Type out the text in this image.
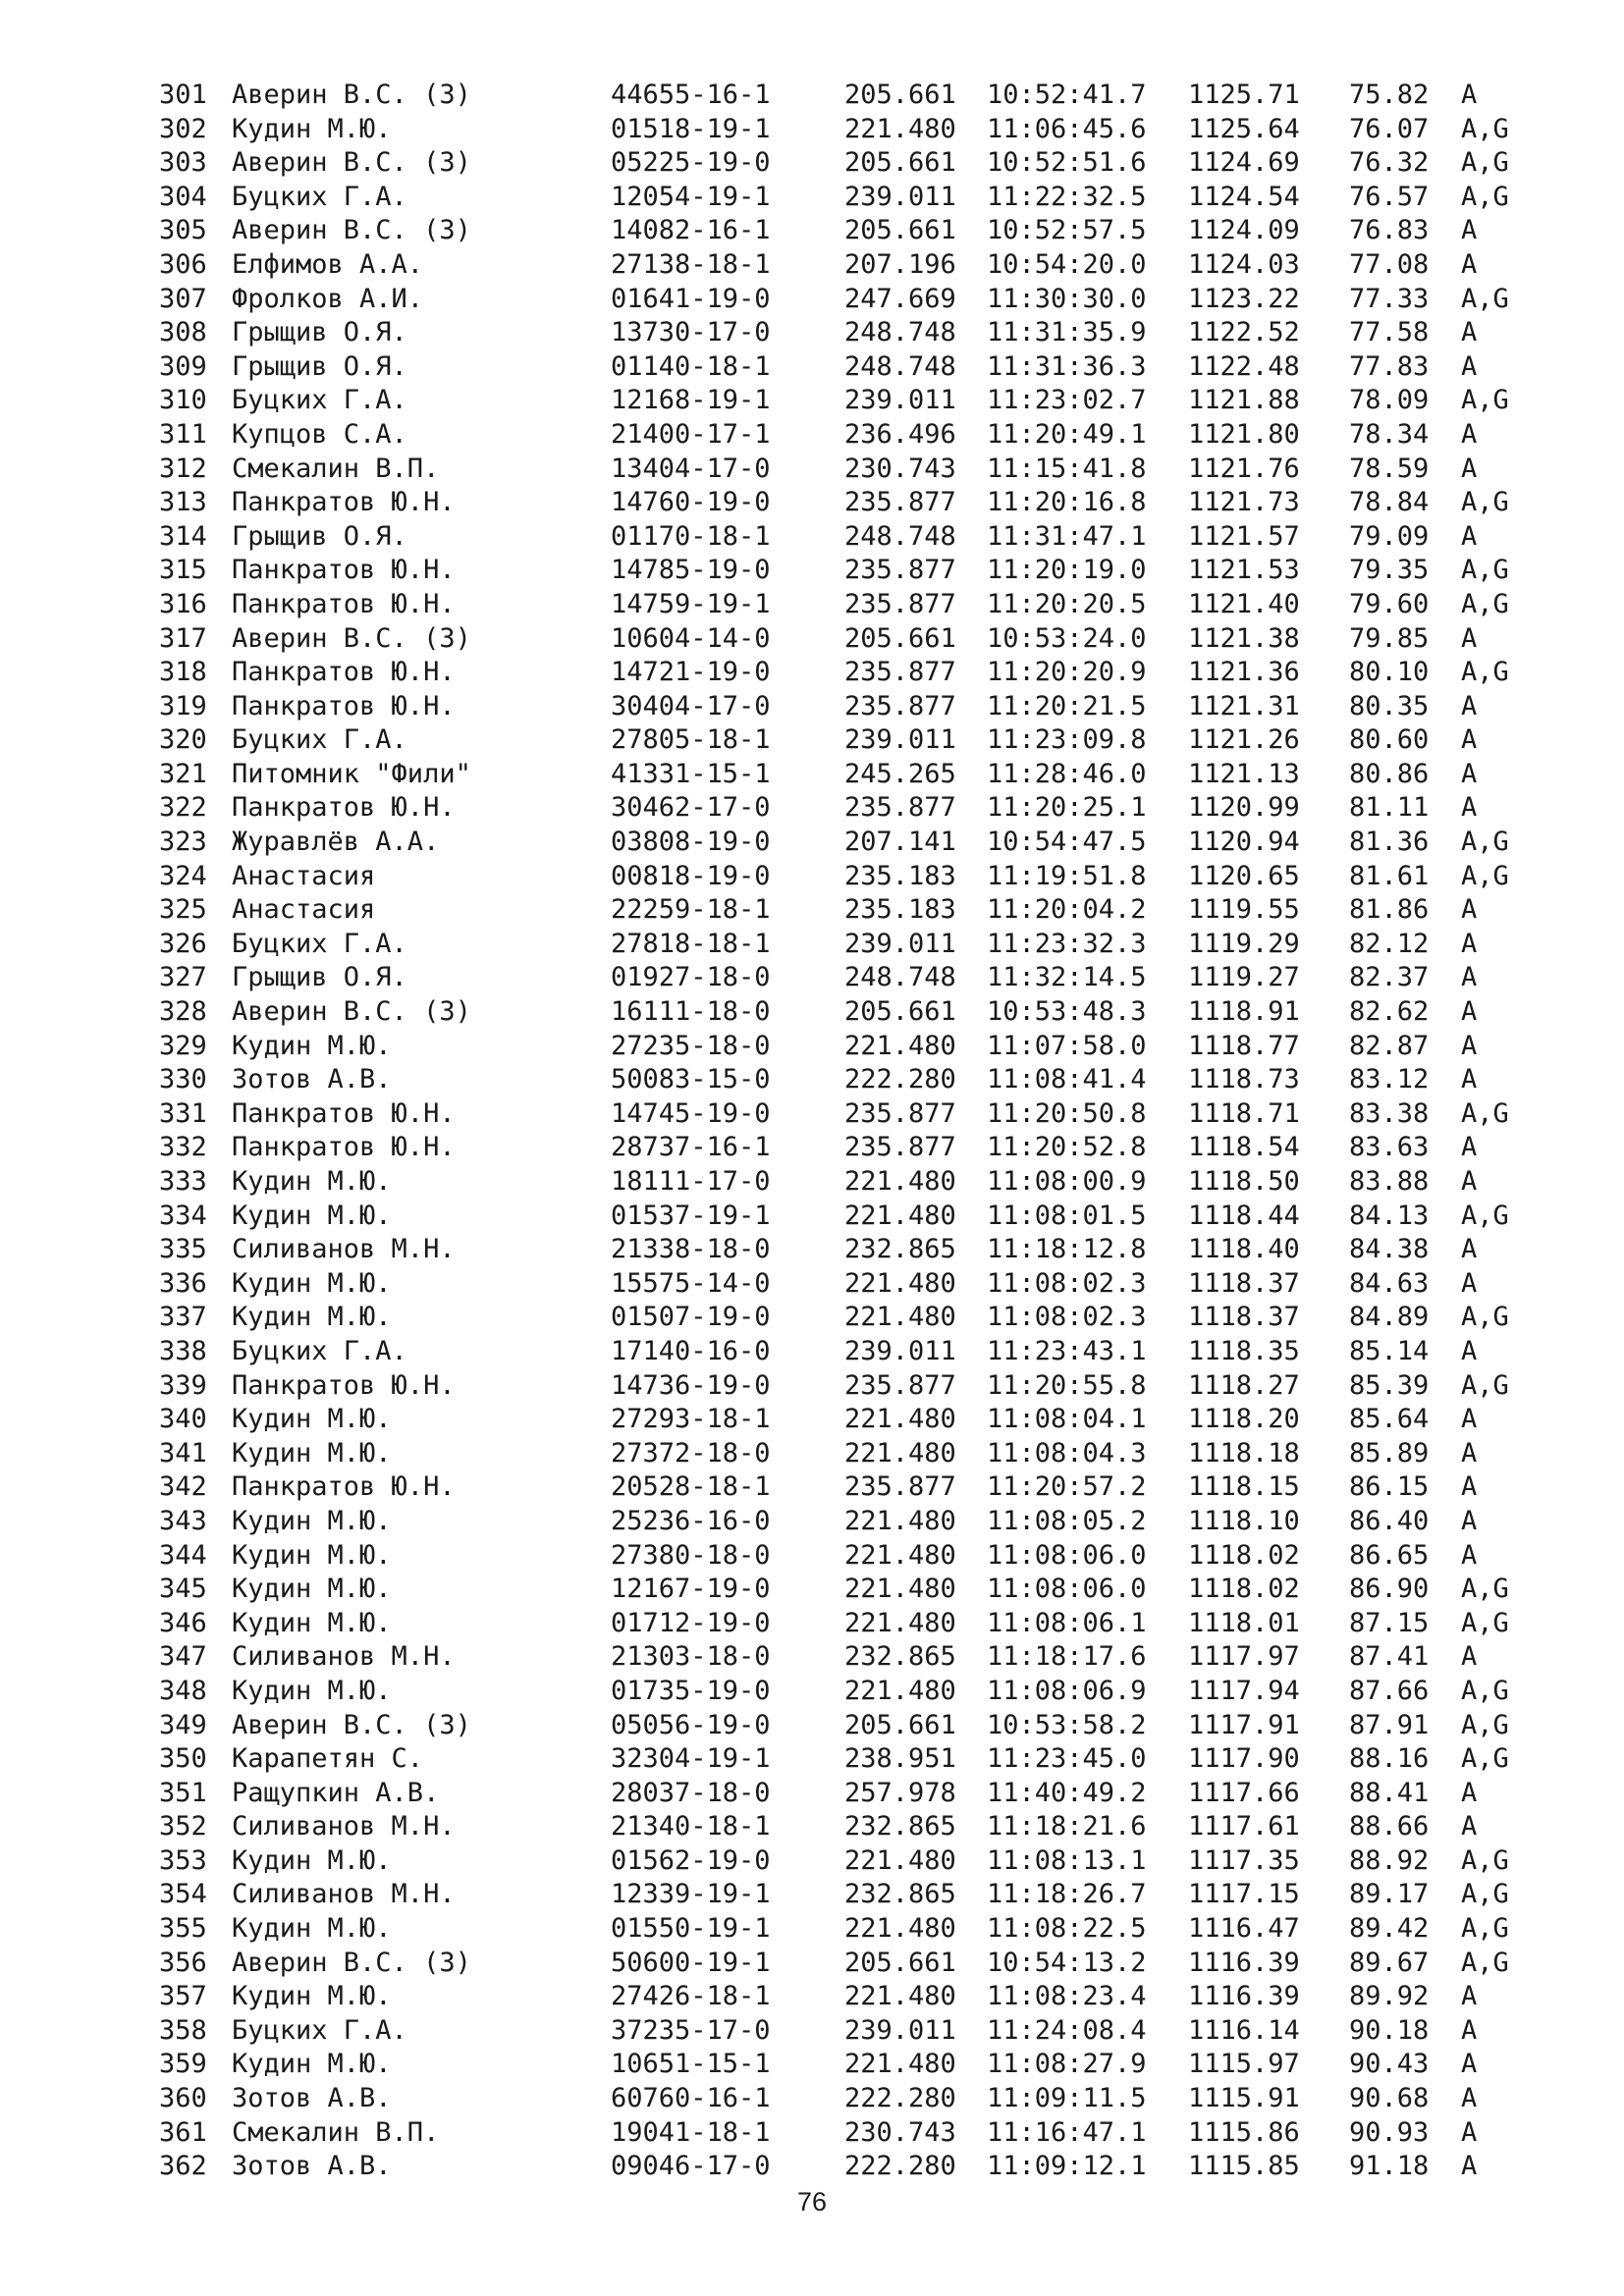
301 Аверин В.С. (З)	44655-16-1	205.661 10:52:41.7 1125.71 75.82 A
302 Кудин М.Ю.	01518-19-1	221.480 11:06:45.6 1125.64 76.07 A,G
303 Аверин В.С. (З)	05225-19-0	205.661 10:52:51.6 1124.69 76.32 A,G
304 Буцких Г.А.	12054-19-1	239.011 11:22:32.5 1124.54 76.57 A,G
305 Аверин В.С. (З)	14082-16-1	205.661 10:52:57.5 1124.09 76.83 A
306 Елфимов А.А.	27138-18-1	207.196 10:54:20.0 1124.03 77.08 A
307 Фролков А.И.	01641-19-0	247.669 11:30:30.0 1123.22 77.33 A,G
308 Грыщив О.Я.	13730-17-0	248.748 11:31:35.9 1122.52 77.58 A
309 Грыщив О.Я.	01140-18-1	248.748 11:31:36.3 1122.48 77.83 A
310 Буцких Г.А.	12168-19-1	239.011 11:23:02.7 1121.88 78.09 A,G
311 Купцов С.А.	21400-17-1	236.496 11:20:49.1 1121.80 78.34 A
312 Смекалин В.П.	13404-17-0	230.743 11:15:41.8 1121.76 78.59 A
313 Панкратов Ю.Н.	14760-19-0	235.877 11:20:16.8 1121.73 78.84 A,G
314 Грыщив О.Я.	01170-18-1	248.748 11:31:47.1 1121.57 79.09 A
315 Панкратов Ю.Н.	14785-19-0	235.877 11:20:19.0 1121.53 79.35 A,G
316 Панкратов Ю.Н.	14759-19-1	235.877 11:20:20.5 1121.40 79.60 A,G
317 Аверин В.С. (З)	10604-14-0	205.661 10:53:24.0 1121.38 79.85 A
318 Панкратов Ю.Н.	14721-19-0	235.877 11:20:20.9 1121.36 80.10 A,G
319 Панкратов Ю.Н.	30404-17-0	235.877 11:20:21.5 1121.31 80.35 A
320 Буцких Г.А.	27805-18-1	239.011 11:23:09.8 1121.26 80.60 A
321 Питомник "Фили"	41331-15-1	245.265 11:28:46.0 1121.13 80.86 A
322 Панкратов Ю.Н.	30462-17-0	235.877 11:20:25.1 1120.99 81.11 A
323 Журавлёв А.А.	03808-19-0	207.141 10:54:47.5 1120.94 81.36 A,G
324 Анастасия	00818-19-0	235.183 11:19:51.8 1120.65 81.61 A,G
325 Анастасия	22259-18-1	235.183 11:20:04.2 1119.55 81.86 A
326 Буцких Г.А.	27818-18-1	239.011 11:23:32.3 1119.29 82.12 A
327 Грыщив О.Я.	01927-18-0	248.748 11:32:14.5 1119.27 82.37 A
328 Аверин В.С. (З)	16111-18-0	205.661 10:53:48.3 1118.91 82.62 A
329 Кудин М.Ю.	27235-18-0	221.480 11:07:58.0 1118.77 82.87 A
330 Зотов А.В.	50083-15-0	222.280 11:08:41.4 1118.73 83.12 A
331 Панкратов Ю.Н.	14745-19-0	235.877 11:20:50.8 1118.71 83.38 A,G
332 Панкратов Ю.Н.	28737-16-1	235.877 11:20:52.8 1118.54 83.63 A
333 Кудин М.Ю.	18111-17-0	221.480 11:08:00.9 1118.50 83.88 A
334 Кудин М.Ю.	01537-19-1	221.480 11:08:01.5 1118.44 84.13 A,G
335 Силиванов М.Н.	21338-18-0	232.865 11:18:12.8 1118.40 84.38 A
336 Кудин М.Ю.	15575-14-0	221.480 11:08:02.3 1118.37 84.63 A
337 Кудин М.Ю.	01507-19-0	221.480 11:08:02.3 1118.37 84.89 A,G
338 Буцких Г.А.	17140-16-0	239.011 11:23:43.1 1118.35 85.14 A
339 Панкратов Ю.Н.	14736-19-0	235.877 11:20:55.8 1118.27 85.39 A,G
340 Кудин М.Ю.	27293-18-1	221.480 11:08:04.1 1118.20 85.64 A
341 Кудин М.Ю.	27372-18-0	221.480 11:08:04.3 1118.18 85.89 A
342 Панкратов Ю.Н.	20528-18-1	235.877 11:20:57.2 1118.15 86.15 A
343 Кудин М.Ю.	25236-16-0	221.480 11:08:05.2 1118.10 86.40 A
344 Кудин М.Ю.	27380-18-0	221.480 11:08:06.0 1118.02 86.65 A
345 Кудин М.Ю.	12167-19-0	221.480 11:08:06.0 1118.02 86.90 A,G
346 Кудин М.Ю.	01712-19-0	221.480 11:08:06.1 1118.01 87.15 A,G
347 Силиванов М.Н.	21303-18-0	232.865 11:18:17.6 1117.97 87.41 A
348 Кудин М.Ю.	01735-19-0	221.480 11:08:06.9 1117.94 87.66 A,G
349 Аверин В.С. (З)	05056-19-0	205.661 10:53:58.2 1117.91 87.91 A,G
350 Карапетян С.	32304-19-1	238.951 11:23:45.0 1117.90 88.16 A,G
351 Ращупкин А.В.	28037-18-0	257.978 11:40:49.2 1117.66 88.41 A
352 Силиванов М.Н.	21340-18-1	232.865 11:18:21.6 1117.61 88.66 A
353 Кудин М.Ю.	01562-19-0	221.480 11:08:13.1 1117.35 88.92 A,G
354 Силиванов М.Н.	12339-19-1	232.865 11:18:26.7 1117.15 89.17 A,G
355 Кудин М.Ю.	01550-19-1	221.480 11:08:22.5 1116.47 89.42 A,G
356 Аверин В.С. (З)	50600-19-1	205.661 10:54:13.2 1116.39 89.67 A,G
357 Кудин М.Ю.	27426-18-1	221.480 11:08:23.4 1116.39 89.92 A
358 Буцких Г.А.	37235-17-0	239.011 11:24:08.4 1116.14 90.18 A
359 Кудин М.Ю.	10651-15-1	221.480 11:08:27.9 1115.97 90.43 A
360 Зотов А.В.	60760-16-1	222.280 11:09:11.5 1115.91 90.68 A
361 Смекалин В.П.	19041-18-1	230.743 11:16:47.1 1115.86 90.93 A
362 Зотов А.В.	09046-17-0	222.280 11:09:12.1 1115.85 91.18 A
76
